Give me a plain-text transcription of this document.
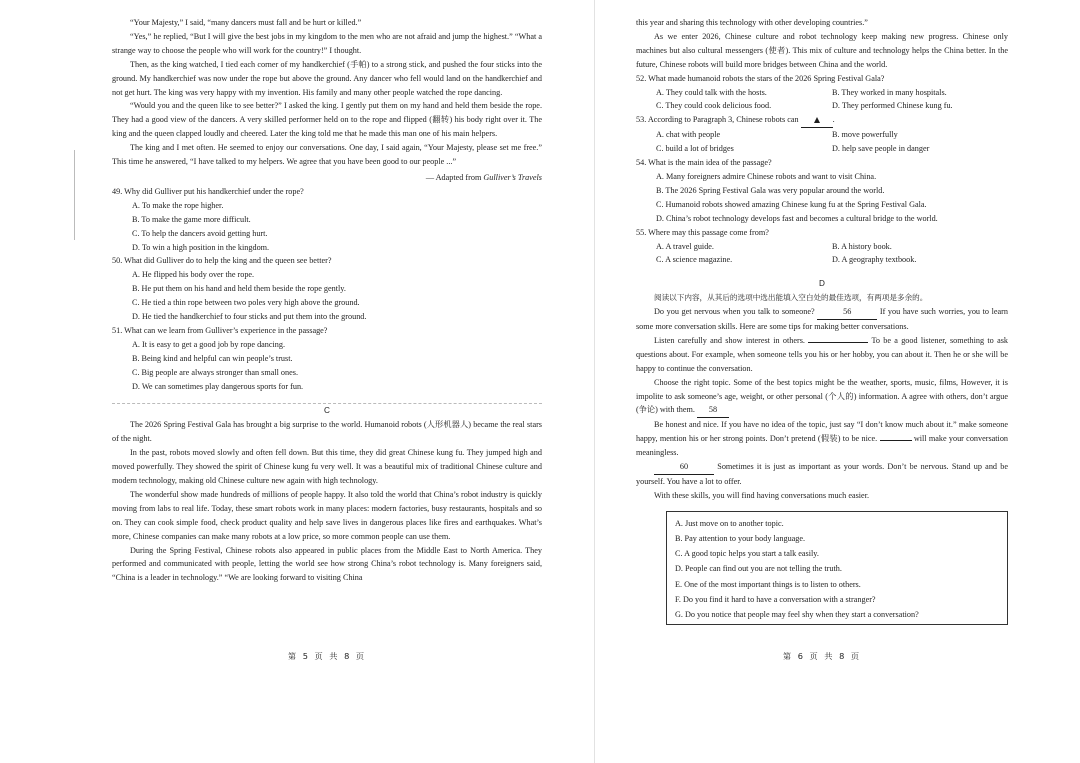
“Your Majesty,” I said, “many dancers must fall and be hurt or killed.”

“Yes,” he replied, “But I will give the best jobs in my kingdom to the men who are not afraid and jump the highest.” “What a strange way to choose the people who will work for the country!” I thought.

Then, as the king watched, I tied each corner of my handkerchief (手帕) to a strong stick, and pushed the four sticks into the ground. My handkerchief was now under the rope but above the ground. Any dancer who fell would land on the handkerchief and not get hurt. The king was very happy with my invention. His family and many other people watched the rope dancing.

“Would you and the queen like to see better?” I asked the king. I gently put them on my hand and held them beside the rope. They had a good view of the dancers. A very skilled performer held on to the rope and flipped (翻转) his body right over it. The king and the queen clapped loudly and cheered. Later the king told me that he made this man one of his main helpers.

The king and I met often. He seemed to enjoy our conversations. One day, I said again, “Your Majesty, please set me free.” This time he answered, “I have talked to my helpers. We agree that you have been good to our people ...”

— Adapted from Gulliver’s Travels

49. Why did Gulliver put his handkerchief under the rope?

A. To make the rope higher.

B. To make the game more difficult.

C. To help the dancers avoid getting hurt.

D. To win a high position in the kingdom.

50. What did Gulliver do to help the king and the queen see better?

A. He flipped his body over the rope.

B. He put them on his hand and held them beside the rope gently.

C. He tied a thin rope between two poles very high above the ground.

D. He tied the handkerchief to four sticks and put them into the ground.

51. What can we learn from Gulliver’s experience in the passage?

A. It is easy to get a good job by rope dancing.

B. Being kind and helpful can win people’s trust.

C. Big people are always stronger than small ones.

D. We can sometimes play dangerous sports for fun.

C

The 2026 Spring Festival Gala has brought a big surprise to the world. Humanoid robots (人形机器人) became the real stars of the night.

In the past, robots moved slowly and often fell down. But this time, they did great Chinese kung fu. They jumped high and moved powerfully. They showed the spirit of Chinese kung fu very well. It was a beautiful mix of traditional Chinese culture and modern technology, making old Chinese culture new again with high technology.

The wonderful show made hundreds of millions of people happy. It also told the world that China’s robot industry is quickly moving from labs to real life. Today, these smart robots work in many places: modern factories, busy restaurants, hospitals and so on. They can cook simple food, check product quality and help save lives in dangerous places like fires and earthquakes. What’s more, Chinese companies can make many robots at a low price, so more common people can use them.

During the Spring Festival, Chinese robots also appeared in public places from the Middle East to North America. They performed and communicated with people, letting the world see how strong China’s robot technology is. Many foreigners said, “China is a leader in technology.” “We are looking forward to visiting China

第 5 页 共 8 页

this year and sharing this technology with other developing countries.”

As we enter 2026, Chinese culture and robot technology keep making new progress. Chinese only machines but also cultural messengers (使者). This mix of culture and technology helps the China better. In the future, Chinese robots will build more bridges between China and the world.

52. What made humanoid robots the stars of the 2026 Spring Festival Gala?

A. They could talk with the hosts.	B. They worked in many hospitals.
C. They could cook delicious food.	D. They performed Chinese kung fu.

53. According to Paragraph 3, Chinese robots can	.

A. chat with people	B. move powerfully
C. build a lot of bridges	D. help save people in danger

54. What is the main idea of the passage?

A. Many foreigners admire Chinese robots and want to visit China.

B. The 2026 Spring Festival Gala was very popular around the world.

C. Humanoid robots showed amazing Chinese kung fu at the Spring Festival Gala.

D. China’s robot technology develops fast and becomes a cultural bridge to the world.

55. Where may this passage come from?

A. A travel guide.	B. A history book.
C. A science magazine.	D. A geography textbook.

D

阅读以下内容，从其后的选项中选出能填入空白处的最佳选项，有两项是多余的。

Do you get nervous when you talk to someone?	56	If you have such worries, you to learn some more conversation skills. Here are some tips for making better conversations.

Listen carefully and show interest in others.	To be a good listener, something to ask questions about. For example, when someone tells you his or her hobby, you can about it. Then he or she will be happy to continue the conversation.

Choose the right topic. Some of the best topics might be the weather, sports, music, films, However, it is impolite to ask someone’s age, weight, or other personal (个人的) information. A agree with others, don’t argue (争论) with them. 58

Be honest and nice. If you have no idea of the topic, just say “I don’t know much about it.” make someone happy, mention his or her strong points. Don’t pretend (假装) to be nice.	will make your conversation meaningless.

60	Sometimes it is just as important as your words. Don’t be nervous. Stand up and be yourself. You have a lot to offer.

With these skills, you will find having conversations much easier.

A. Just move on to another topic.

B. Pay attention to your body language.

C. A good topic helps you start a talk easily.

D. People can find out you are not telling the truth.

E. One of the most important things is to listen to others.

F. Do you find it hard to have a conversation with a stranger?

G. Do you notice that people may feel shy when they start a conversation?

第 6 页 共 8 页
